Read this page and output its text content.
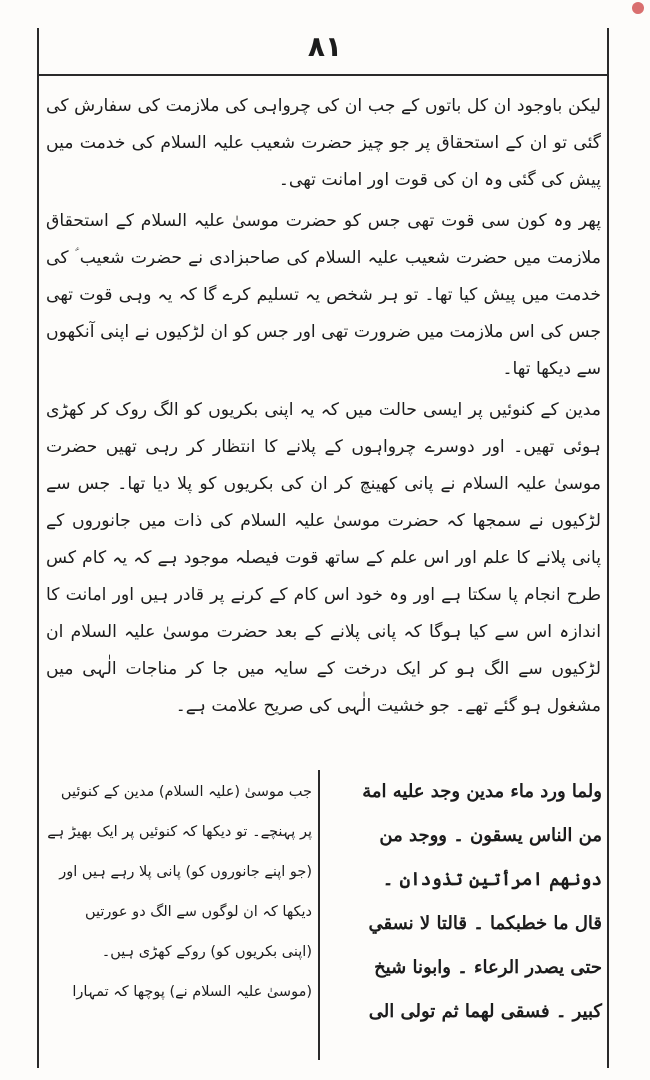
۸۱

لیکن باوجود ان کل باتوں کے جب ان کی چرواہی کی ملازمت کی سفارش کی گئی تو ان کے استحقاق پر جو چیز حضرت شعیب علیہ السلام کی خدمت میں پیش کی گئی وہ ان کی قوت اور امانت تھی۔

پھر وہ کون سی قوت تھی جس کو حضرت موسیٰ علیہ السلام کے استحقاق ملازمت میں حضرت شعیب علیہ السلام کی صاحبزادی نے حضرت شعیب ؑ کی خدمت میں پیش کیا تھا۔ تو ہر شخص یہ تسلیم کرے گا کہ یہ وہی قوت تھی جس کی اس ملازمت میں ضرورت تھی اور جس کو ان لڑکیوں نے اپنی آنکھوں سے دیکھا تھا۔

مدین کے کنوئیں پر ایسی حالت میں کہ یہ اپنی بکریوں کو الگ روک کر کھڑی ہوئی تھیں۔ اور دوسرے چرواہوں کے پلانے کا انتظار کر رہی تھیں حضرت موسیٰ علیہ السلام نے پانی کھینچ کر ان کی بکریوں کو پلا دیا تھا۔ جس سے لڑکیوں نے سمجھا کہ حضرت موسیٰ علیہ السلام کی ذات میں جانوروں کے پانی پلانے کا علم اور اس علم کے ساتھ قوت فیصلہ موجود ہے کہ یہ کام کس طرح انجام پا سکتا ہے اور وہ خود اس کام کے کرنے پر قادر ہیں اور امانت کا اندازہ اس سے کیا ہوگا کہ پانی پلانے کے بعد حضرت موسیٰ علیہ السلام ان لڑکیوں سے الگ ہو کر ایک درخت کے سایہ میں جا کر مناجات الٰہی میں مشغول ہو گئے تھے۔ جو خشیت الٰہی کی صریح علامت ہے۔

ولما ورد ماء مدين وجد عليه امة

من الناس يسقون ۔ ووجد من

دونهم امرأتين تذودان ۔

قال ما خطبكما ۔ قالتا لا نسقي

حتى يصدر الرعاء ۔ وابونا شيخ

كبير ۔ فسقى لهما ثم تولى الى

جب موسیٰ (علیہ السلام) مدین کے کنوئیں

پر پہنچے۔ تو دیکھا کہ کنوئیں پر ایک بھیڑ ہے

(جو اپنے جانوروں کو) پانی پلا رہے ہیں اور

دیکھا کہ ان لوگوں سے الگ دو عورتیں

(اپنی بکریوں کو) روکے کھڑی ہیں۔

(موسیٰ علیہ السلام نے) پوچھا کہ تمہارا
